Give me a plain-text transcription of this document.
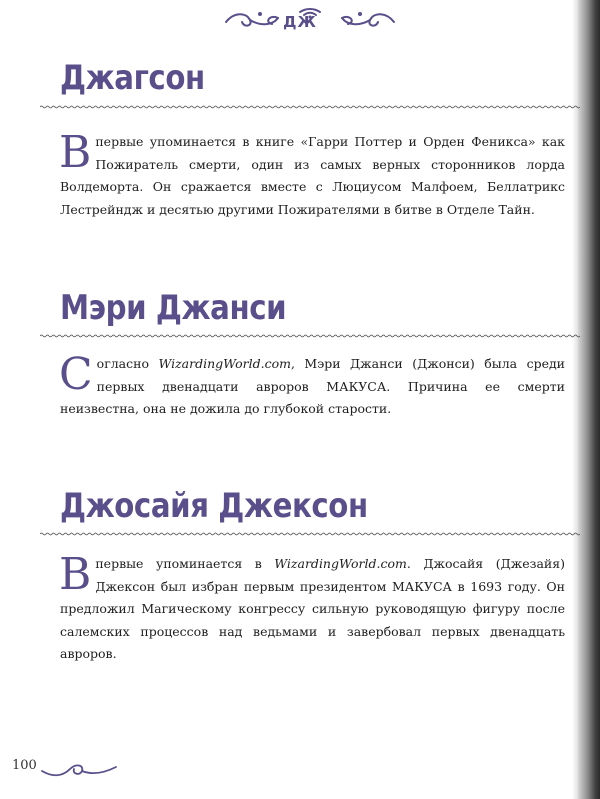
ДЖ
Джагсон
Впервые упоминается в книге «Гарри Поттер и Орден Феникса» как Пожиратель смерти, один из самых верных сторонников лорда Волдеморта. Он сражается вместе с Люциусом Малфоем, Беллатрикс Лестрейндж и десятью другими Пожирателями в битве в Отделе Тайн.
Мэри Джанси
Согласно WizardingWorld.com, Мэри Джанси (Джонси) была среди первых двенадцати авроров МАКУСА. Причина ее смерти неизвестна, она не дожила до глубокой старости.
Джосайя Джексон
Впервые упоминается в WizardingWorld.com. Джосайя (Джезайя) Джексон был избран первым президентом МАКУСА в 1693 году. Он предложил Магическому конгрессу сильную руководящую фигуру после салемских процессов над ведьмами и завербовал первых двенадцать авроров.
100
